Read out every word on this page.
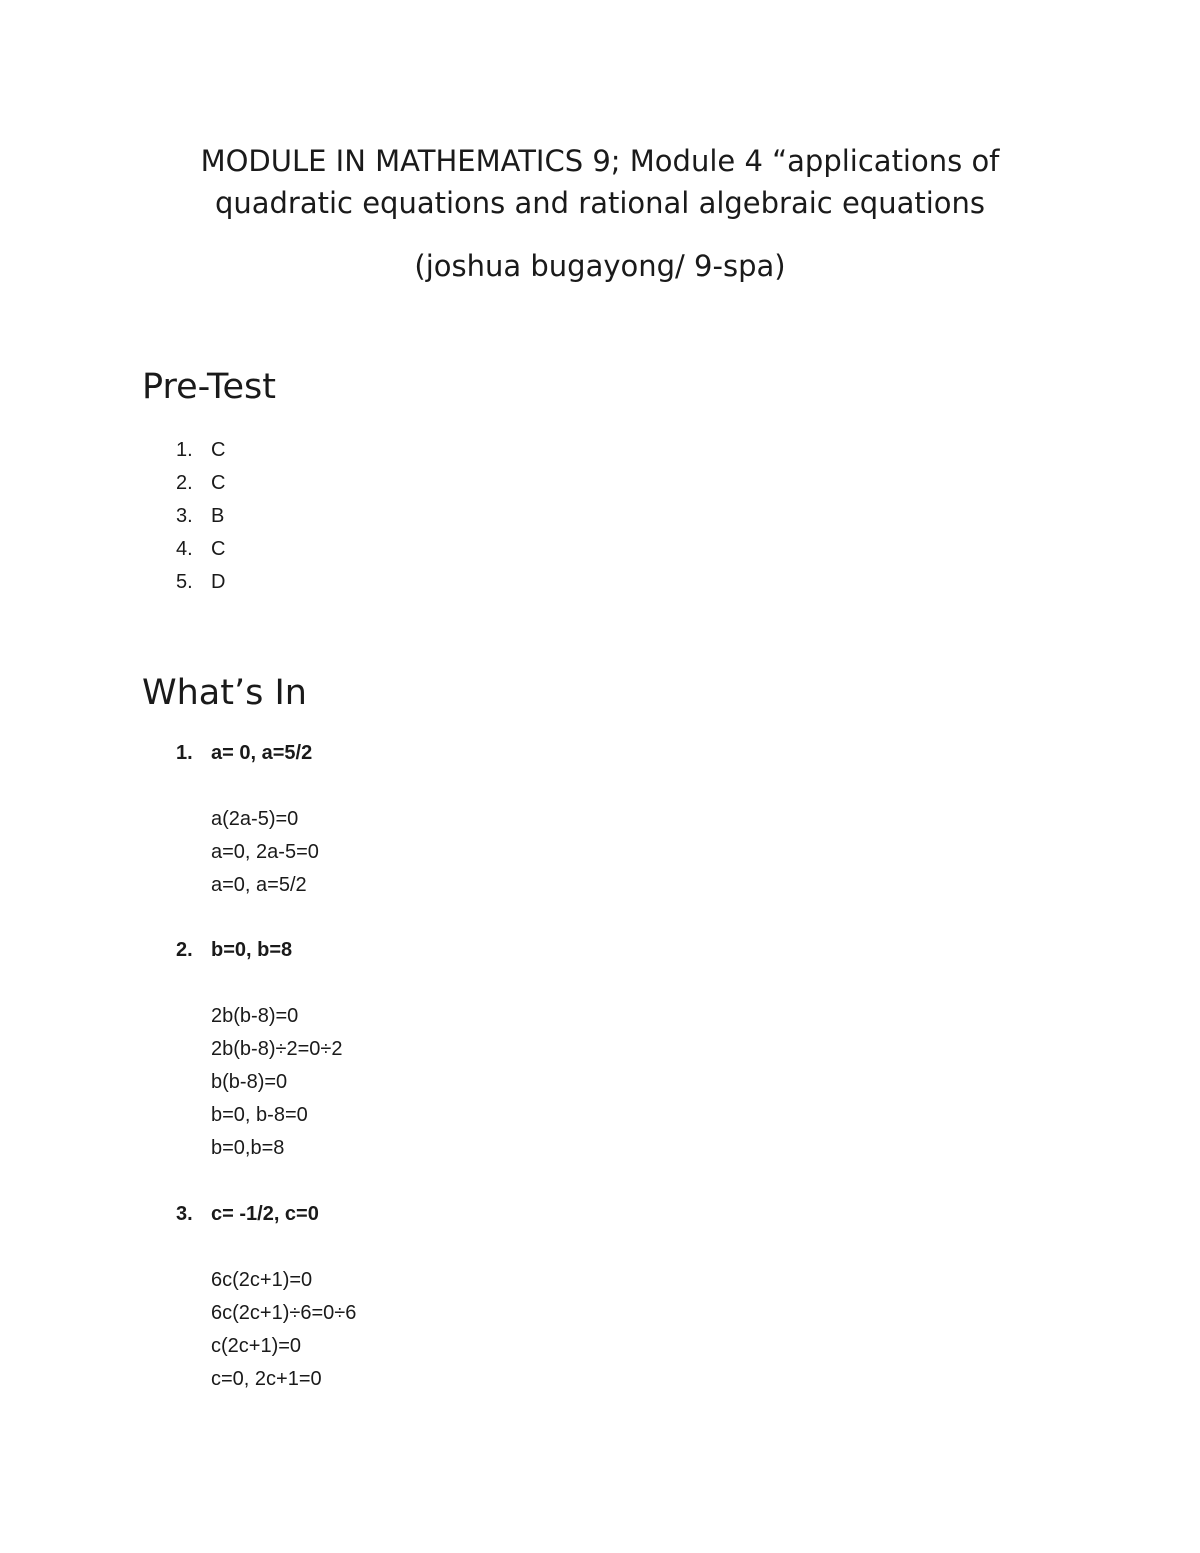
MODULE IN MATHEMATICS 9; Module 4 “applications of
quadratic equations and rational algebraic equations
(joshua bugayong/ 9-spa)
Pre-Test
1. C
2. C
3. B
4. C
5. D
What’s In
1. a= 0, a=5/2
a(2a-5)=0
a=0, 2a-5=0
a=0, a=5/2
2. b=0, b=8
2b(b-8)=0
2b(b-8)÷2=0÷2
b(b-8)=0
b=0, b-8=0
b=0,b=8
3. c= -1/2, c=0
6c(2c+1)=0
6c(2c+1)÷6=0÷6
c(2c+1)=0
c=0, 2c+1=0
